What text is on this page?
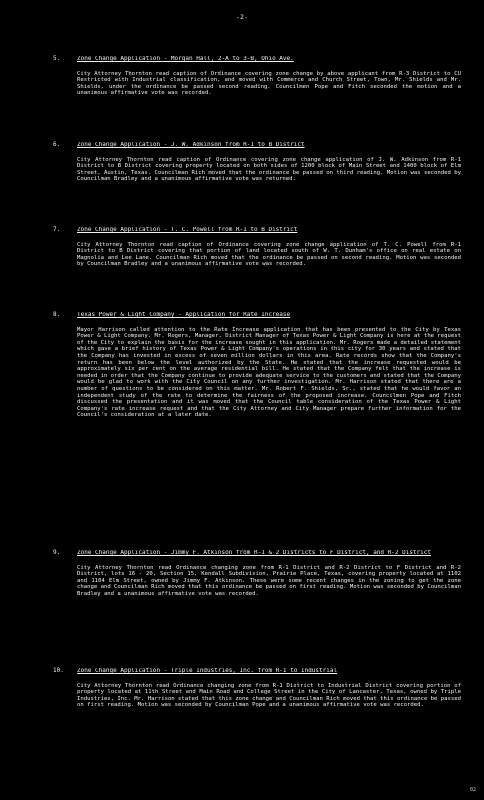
-2-
5.	Zone Change Application - Morgan Hall, 2-A to 3-B, Ohio Ave.
City Attorney Thornton read caption of Ordinance covering zone change by above applicant from R-3 District to CU Restricted with Industrial classification, and moved with Commerce and Church Street, Town, Mr. Shields and Mr. Shields, under the ordinance be passed second reading. Councilmen Pope and Fitch seconded the motion and a unanimous affirmative vote was recorded.
6.	Zone Change Application - J. W. Adkinson from R-1 to B District
City Attorney Thornton read caption of Ordinance covering zone change application of J. W. Adkinson from R-1 District to B District covering property located on both sides of 1200 block of Main Street and 1400 block of Elm Street, Austin, Texas. Councilman Rich moved that the ordinance be passed on third reading. Motion was seconded by Councilman Bradley and a unanimous affirmative vote was returned.
7.	Zone Change Application - T. C. Powell from R-1 to B District
City Attorney Thornton read caption of Ordinance covering zone change application of T. C. Powell from R-1 District to B District covering that portion of land located south of W. T. Dunham's office on real estate on Magnolia and Lee Lane. Councilman Rich moved that the ordinance be passed on second reading. Motion was seconded by Councilman Bradley and a unanimous affirmative vote was recorded.
8.	Texas Power & Light Company - Application for Rate Increase
Mayor Harrison called attention to the Rate Increase application that has been presented to the City by Texas Power & Light Company. Mr. Rogers, Manager, District Manager of Texas Power & Light Company is here at the request of the City to explain the basis for the increase sought in this application. Mr. Rogers made a detailed statement which gave a brief history of Texas Power & Light Company's operations in this city for 30 years and stated that the Company has invested in excess of seven million dollars in this area. Rate records show that the Company's return has been below the level authorized by the State. He stated that the increase requested would be approximately six per cent on the average residential bill. He stated that the Company felt that the increase is needed in order that the Company continue to provide adequate service to the customers and stated that the Company would be glad to work with the City Council on any further investigation. Mr. Harrison stated that there are a number of questions to be considered on this matter. Mr. Robert F. Shields, Sr., stated that he would favor an independent study of the rate to determine the fairness of the proposed increase. Councilmen Pope and Fitch discussed the presentation and it was moved that the Council table consideration of the Texas Power & Light Company's rate increase request and that the City Attorney and City Manager prepare further information for the Council's consideration at a later date.
9.	Zone Change Application - Jimmy F. Atkinson from R-1 & 2 Districts to F District, and R-2 District
City Attorney Thornton read Ordinance changing zone from R-1 District and R-2 District to F District and R-2 District, lots 16 - 20, Section 15, Kendall Subdivision, Prairie Place, Texas, covering property located at 1102 and 1104 Elm Street, owned by Jimmy F. Atkinson. These were some recent changes in the zoning to get the zone change and Councilman Rich moved that this ordinance be passed on first reading. Motion was seconded by Councilman Bradley and a unanimous affirmative vote was recorded.
10.	Zone Change Application - Triple Industries, Inc. from R-1 to Industrial
City Attorney Thornton read Ordinance changing zone from R-1 District to Industrial District covering portion of property located at 11th Street and Main Road and College Street in the City of Lancaster, Texas, owned by Triple Industries, Inc. Mr. Harrison stated that this zone change and Councilman Rich moved that this ordinance be passed on first reading. Motion was seconded by Councilman Pope and a unanimous affirmative vote was recorded.
02
